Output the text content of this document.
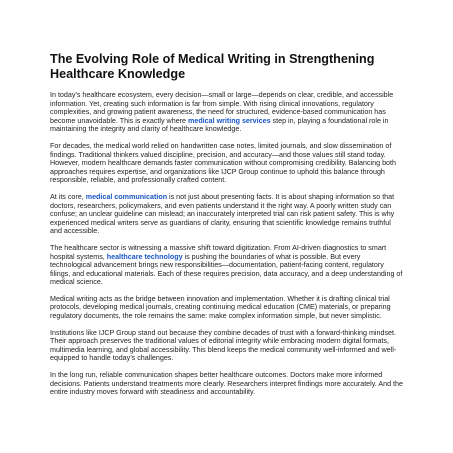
The Evolving Role of Medical Writing in Strengthening Healthcare Knowledge

In today’s healthcare ecosystem, every decision—small or large—depends on clear, credible, and accessible information. Yet, creating such information is far from simple. With rising clinical innovations, regulatory complexities, and growing patient awareness, the need for structured, evidence-based communication has become unavoidable. This is exactly where medical writing services step in, playing a foundational role in maintaining the integrity and clarity of healthcare knowledge.

For decades, the medical world relied on handwritten case notes, limited journals, and slow dissemination of findings. Traditional thinkers valued discipline, precision, and accuracy—and those values still stand today. However, modern healthcare demands faster communication without compromising credibility. Balancing both approaches requires expertise, and organizations like IJCP Group continue to uphold this balance through responsible, reliable, and professionally crafted content.

At its core, medical communication is not just about presenting facts. It is about shaping information so that doctors, researchers, policymakers, and even patients understand it the right way. A poorly written study can confuse; an unclear guideline can mislead; an inaccurately interpreted trial can risk patient safety. This is why experienced medical writers serve as guardians of clarity, ensuring that scientific knowledge remains truthful and accessible.

The healthcare sector is witnessing a massive shift toward digitization. From AI-driven diagnostics to smart hospital systems, healthcare technology is pushing the boundaries of what is possible. But every technological advancement brings new responsibilities—documentation, patient-facing content, regulatory filings, and educational materials. Each of these requires precision, data accuracy, and a deep understanding of medical science.

Medical writing acts as the bridge between innovation and implementation. Whether it is drafting clinical trial protocols, developing medical journals, creating continuing medical education (CME) materials, or preparing regulatory documents, the role remains the same: make complex information simple, but never simplistic.

Institutions like IJCP Group stand out because they combine decades of trust with a forward-thinking mindset. Their approach preserves the traditional values of editorial integrity while embracing modern digital formats, multimedia learning, and global accessibility. This blend keeps the medical community well-informed and well-equipped to handle today’s challenges.

In the long run, reliable communication shapes better healthcare outcomes. Doctors make more informed decisions. Patients understand treatments more clearly. Researchers interpret findings more accurately. And the entire industry moves forward with steadiness and accountability.
